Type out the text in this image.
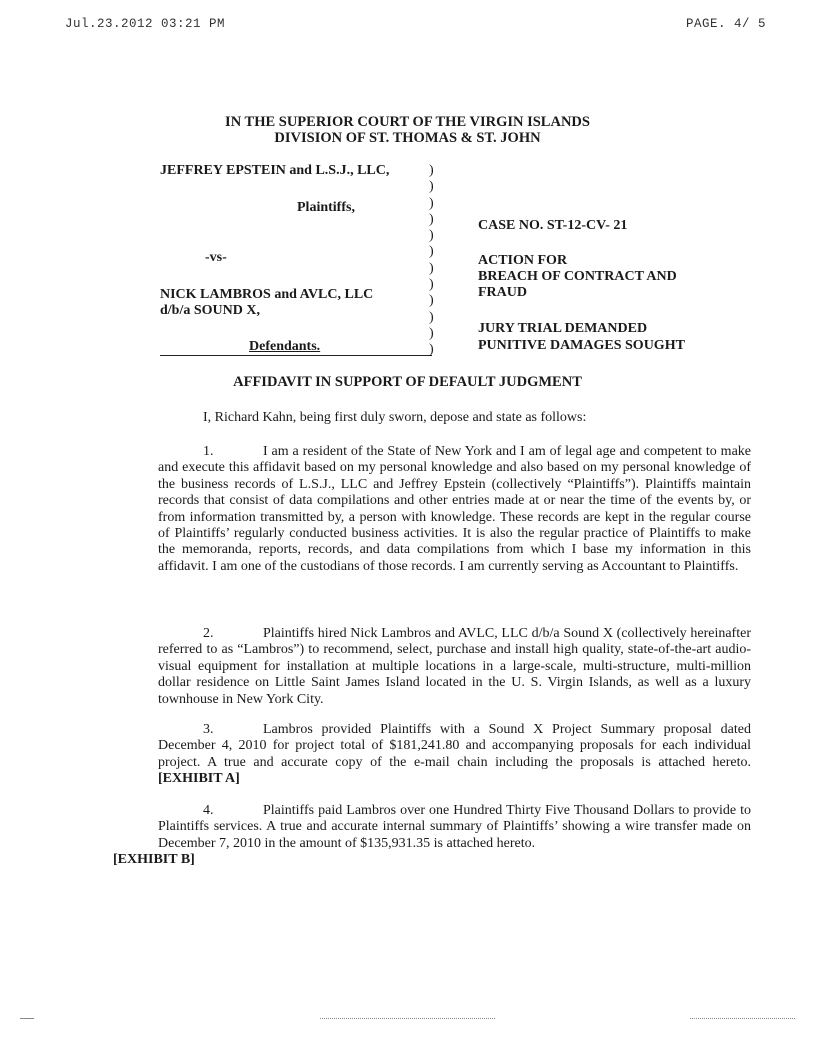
Jul.23.2012 03:21 PM	PAGE. 4/ 5
IN THE SUPERIOR COURT OF THE VIRGIN ISLANDS
DIVISION OF ST. THOMAS & ST. JOHN
JEFFREY EPSTEIN and L.S.J., LLC,
Plaintiffs,
-vs-
NICK LAMBROS and AVLC, LLC
d/b/a SOUND X,
Defendants.
)
)
)
)
)
)
)
)
)
)
)
)
CASE NO. ST-12-CV- 21
ACTION FOR
BREACH OF CONTRACT AND
FRAUD
JURY TRIAL DEMANDED
PUNITIVE DAMAGES SOUGHT
AFFIDAVIT IN SUPPORT OF DEFAULT JUDGMENT
I, Richard Kahn, being first duly sworn, depose and state as follows:

1.	I am a resident of the State of New York and I am of legal age and competent to make and execute this affidavit based on my personal knowledge and also based on my personal knowledge of the business records of L.S.J., LLC and Jeffrey Epstein (collectively “Plaintiffs”). Plaintiffs maintain records that consist of data compilations and other entries made at or near the time of the events by, or from information transmitted by, a person with knowledge. These records are kept in the regular course of Plaintiffs’ regularly conducted business activities. It is also the regular practice of Plaintiffs to make the memoranda, reports, records, and data compilations from which I base my information in this affidavit. I am one of the custodians of those records. I am currently serving as Accountant to Plaintiffs.

2.	Plaintiffs hired Nick Lambros and AVLC, LLC d/b/a Sound X (collectively hereinafter referred to as “Lambros”) to recommend, select, purchase and install high quality, state-of-the-art audio-visual equipment for installation at multiple locations in a large-scale, multi-structure, multi-million dollar residence on Little Saint James Island located in the U. S. Virgin Islands, as well as a luxury townhouse in New York City.

3.	Lambros provided Plaintiffs with a Sound X Project Summary proposal dated December 4, 2010 for project total of $181,241.80 and accompanying proposals for each individual project. A true and accurate copy of the e-mail chain including the proposals is attached hereto. [EXHIBIT A]

4.	Plaintiffs paid Lambros over one Hundred Thirty Five Thousand Dollars to provide to Plaintiffs services. A true and accurate internal summary of Plaintiffs’ showing a wire transfer made on December 7, 2010 in the amount of $135,931.35 is attached hereto.
[EXHIBIT B]
